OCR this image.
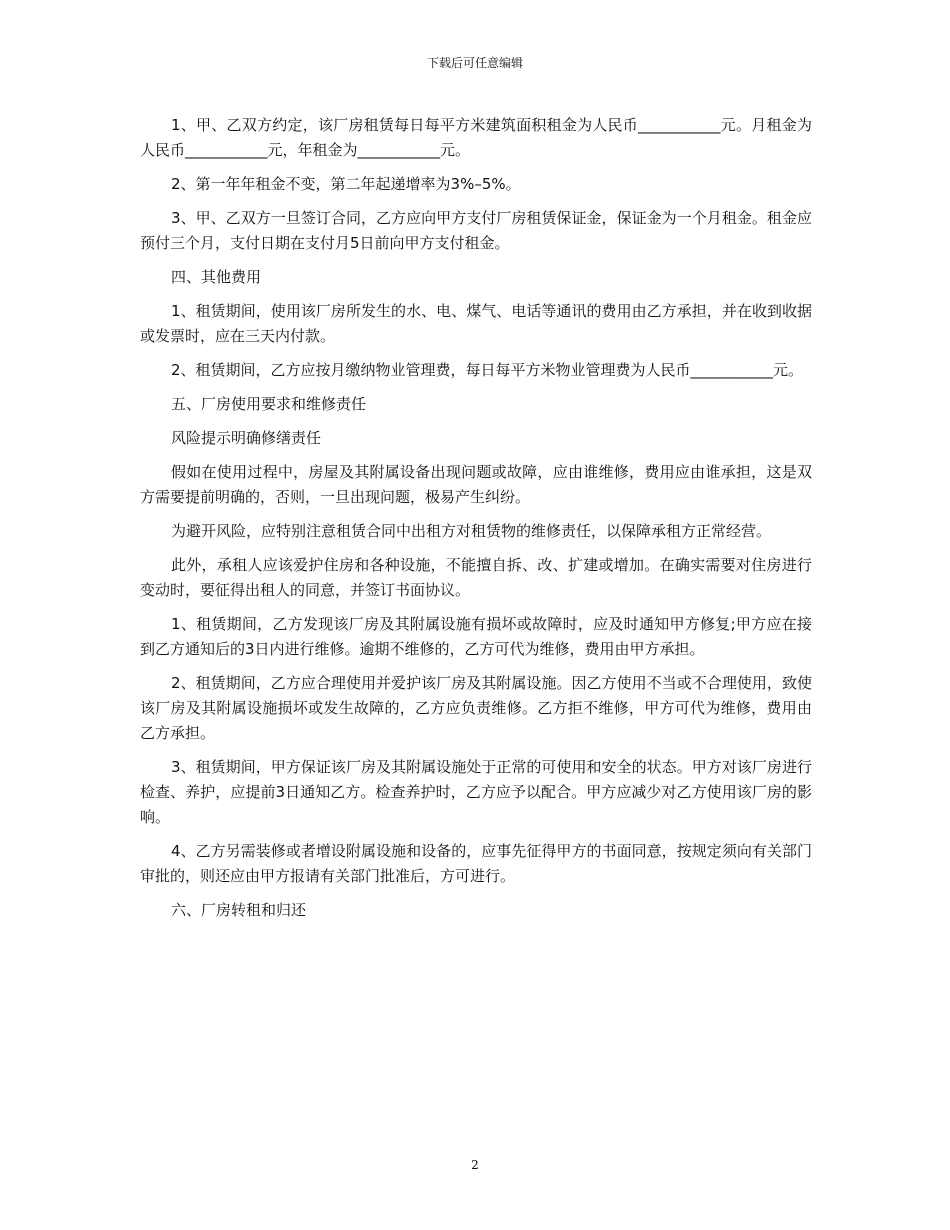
下载后可任意编辑

1、甲、乙双方约定，该厂房租赁每日每平方米建筑面积租金为人民币___________元。月租金为人民币___________元，年租金为___________元。

2、第一年年租金不变，第二年起递增率为3%–5%。

3、甲、乙双方一旦签订合同，乙方应向甲方支付厂房租赁保证金，保证金为一个月租金。租金应预付三个月，支付日期在支付月5日前向甲方支付租金。

四、其他费用

1、租赁期间，使用该厂房所发生的水、电、煤气、电话等通讯的费用由乙方承担，并在收到收据或发票时，应在三天内付款。

2、租赁期间，乙方应按月缴纳物业管理费，每日每平方米物业管理费为人民币___________元。

五、厂房使用要求和维修责任

风险提示明确修缮责任

假如在使用过程中，房屋及其附属设备出现问题或故障，应由谁维修，费用应由谁承担，这是双方需要提前明确的，否则，一旦出现问题，极易产生纠纷。

为避开风险，应特别注意租赁合同中出租方对租赁物的维修责任，以保障承租方正常经营。

此外，承租人应该爱护住房和各种设施，不能擅自拆、改、扩建或增加。在确实需要对住房进行变动时，要征得出租人的同意，并签订书面协议。

1、租赁期间，乙方发现该厂房及其附属设施有损坏或故障时，应及时通知甲方修复;甲方应在接到乙方通知后的3日内进行维修。逾期不维修的，乙方可代为维修，费用由甲方承担。

2、租赁期间，乙方应合理使用并爱护该厂房及其附属设施。因乙方使用不当或不合理使用，致使该厂房及其附属设施损坏或发生故障的，乙方应负责维修。乙方拒不维修，甲方可代为维修，费用由乙方承担。

3、租赁期间，甲方保证该厂房及其附属设施处于正常的可使用和安全的状态。甲方对该厂房进行检查、养护，应提前3日通知乙方。检查养护时，乙方应予以配合。甲方应减少对乙方使用该厂房的影响。

4、乙方另需装修或者增设附属设施和设备的，应事先征得甲方的书面同意，按规定须向有关部门审批的，则还应由甲方报请有关部门批准后，方可进行。

六、厂房转租和归还

2
